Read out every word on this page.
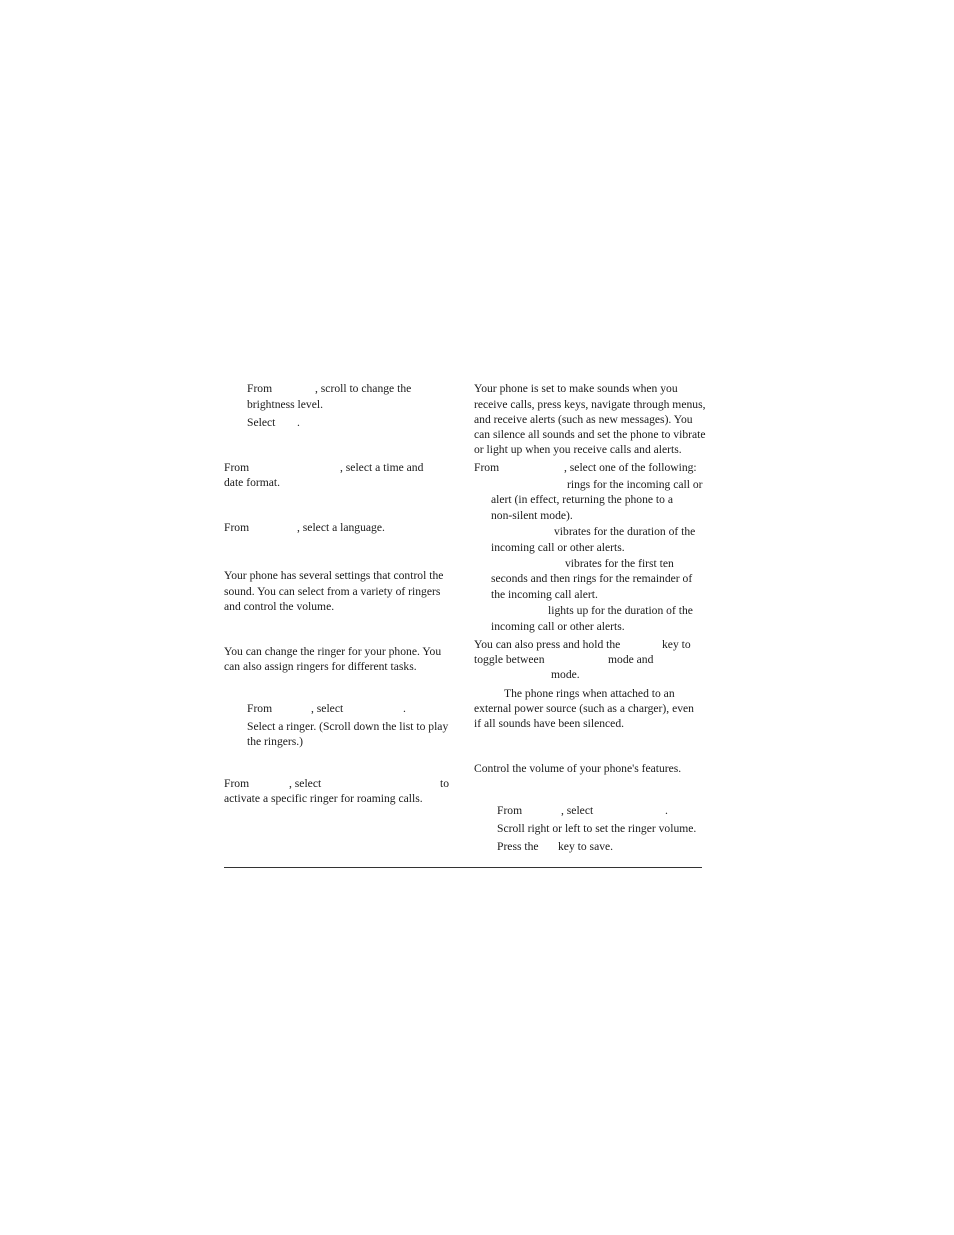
From	, scroll to change the
brightness level.
Select .
From	, select a time and
date format.
From	, select a language.
Your phone has several settings that control the
sound. You can select from a variety of ringers
and control the volume.
You can change the ringer for your phone. You
can also assign ringers for different tasks.
From	, select	.
Select a ringer. (Scroll down the list to play
the ringers.)
From	, select	to
activate a specific ringer for roaming calls.
Your phone is set to make sounds when you
receive calls, press keys, navigate through menus,
and receive alerts (such as new messages). You
can silence all sounds and set the phone to vibrate
or light up when you receive calls and alerts.
From	, select one of the following:
rings for the incoming call or
alert (in effect, returning the phone to a
non-silent mode).
vibrates for the duration of the
incoming call or other alerts.
vibrates for the first ten
seconds and then rings for the remainder of
the incoming call alert.
lights up for the duration of the
incoming call or other alerts.
You can also press and hold the	key to
toggle between	mode and
mode.
The phone rings when attached to an
external power source (such as a charger), even
if all sounds have been silenced.
Control the volume of your phone's features.
From	, select	.
Scroll right or left to set the ringer volume.
Press the key to save.
